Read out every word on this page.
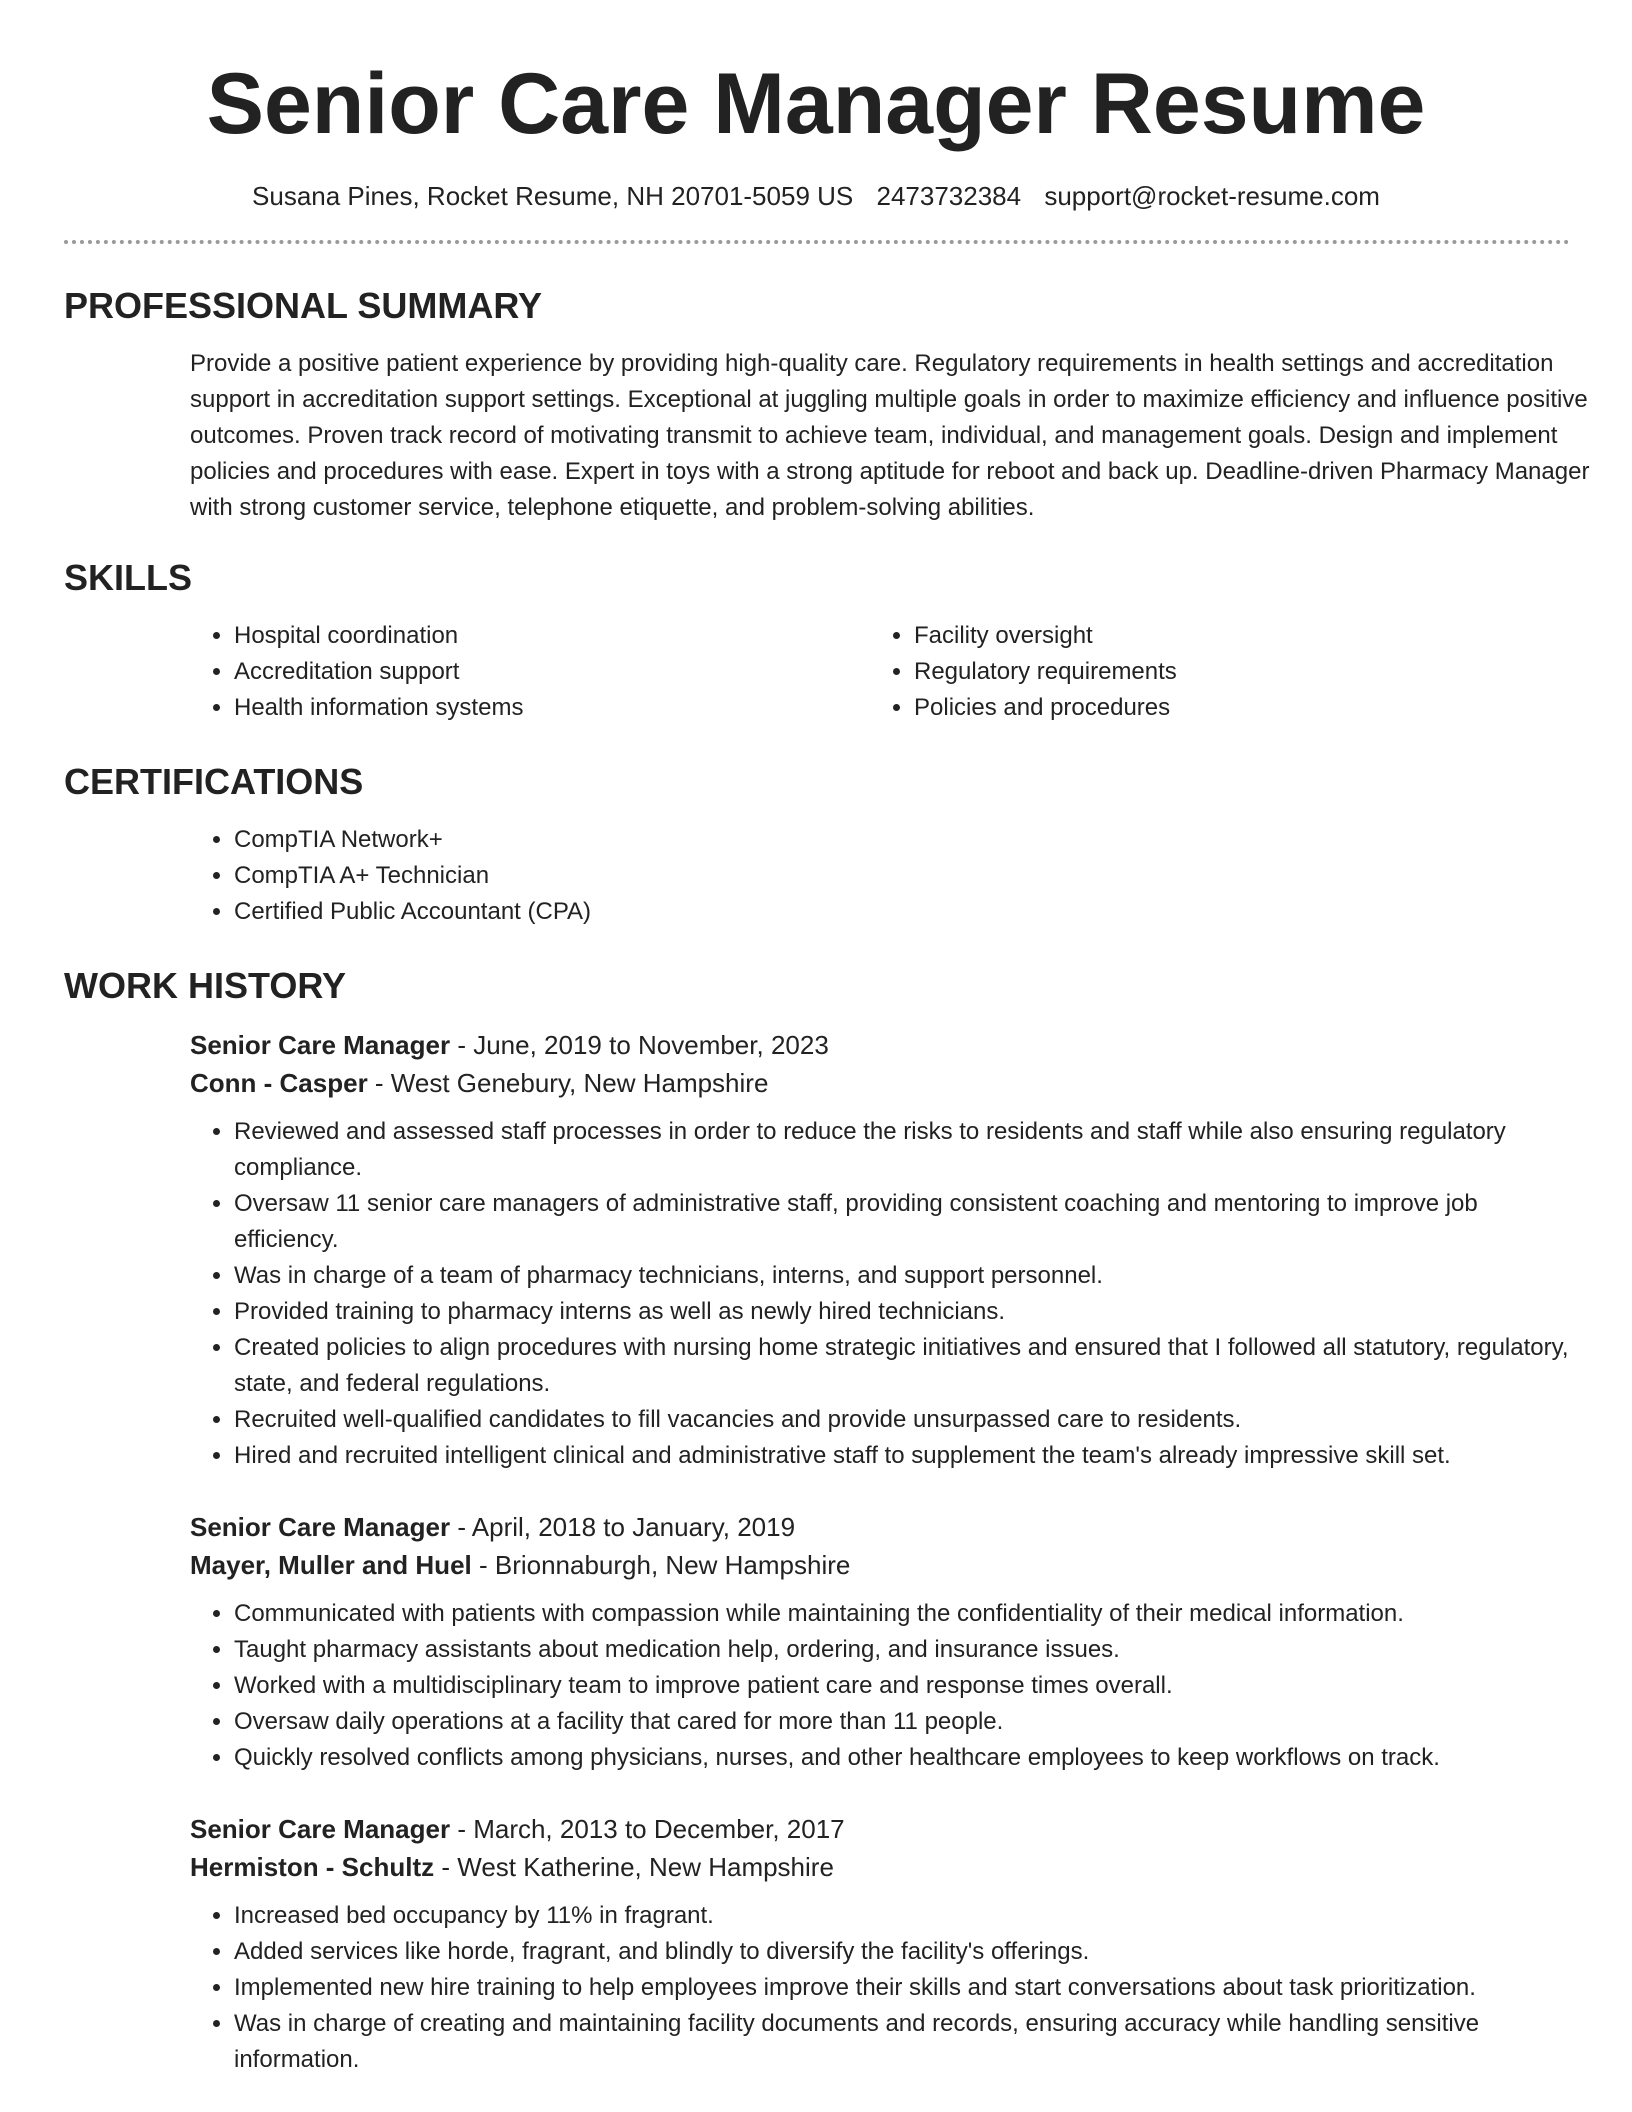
Senior Care Manager Resume
Susana Pines, Rocket Resume, NH 20701-5059 US 2473732384 support@rocket-resume.com
PROFESSIONAL SUMMARY
Provide a positive patient experience by providing high-quality care. Regulatory requirements in health settings and accreditation support in accreditation support settings. Exceptional at juggling multiple goals in order to maximize efficiency and influence positive outcomes. Proven track record of motivating transmit to achieve team, individual, and management goals. Design and implement policies and procedures with ease. Expert in toys with a strong aptitude for reboot and back up. Deadline-driven Pharmacy Manager with strong customer service, telephone etiquette, and problem-solving abilities.
SKILLS
• Hospital coordination
• Accreditation support
• Health information systems
• Facility oversight
• Regulatory requirements
• Policies and procedures
CERTIFICATIONS
• CompTIA Network+
• CompTIA A+ Technician
• Certified Public Accountant (CPA)
WORK HISTORY
Senior Care Manager - June, 2019 to November, 2023
Conn - Casper - West Genebury, New Hampshire
• Reviewed and assessed staff processes in order to reduce the risks to residents and staff while also ensuring regulatory compliance.
• Oversaw 11 senior care managers of administrative staff, providing consistent coaching and mentoring to improve job efficiency.
• Was in charge of a team of pharmacy technicians, interns, and support personnel.
• Provided training to pharmacy interns as well as newly hired technicians.
• Created policies to align procedures with nursing home strategic initiatives and ensured that I followed all statutory, regulatory, state, and federal regulations.
• Recruited well-qualified candidates to fill vacancies and provide unsurpassed care to residents.
• Hired and recruited intelligent clinical and administrative staff to supplement the team's already impressive skill set.
Senior Care Manager - April, 2018 to January, 2019
Mayer, Muller and Huel - Brionnaburgh, New Hampshire
• Communicated with patients with compassion while maintaining the confidentiality of their medical information.
• Taught pharmacy assistants about medication help, ordering, and insurance issues.
• Worked with a multidisciplinary team to improve patient care and response times overall.
• Oversaw daily operations at a facility that cared for more than 11 people.
• Quickly resolved conflicts among physicians, nurses, and other healthcare employees to keep workflows on track.
Senior Care Manager - March, 2013 to December, 2017
Hermiston - Schultz - West Katherine, New Hampshire
• Increased bed occupancy by 11% in fragrant.
• Added services like horde, fragrant, and blindly to diversify the facility's offerings.
• Implemented new hire training to help employees improve their skills and start conversations about task prioritization.
• Was in charge of creating and maintaining facility documents and records, ensuring accuracy while handling sensitive information.
